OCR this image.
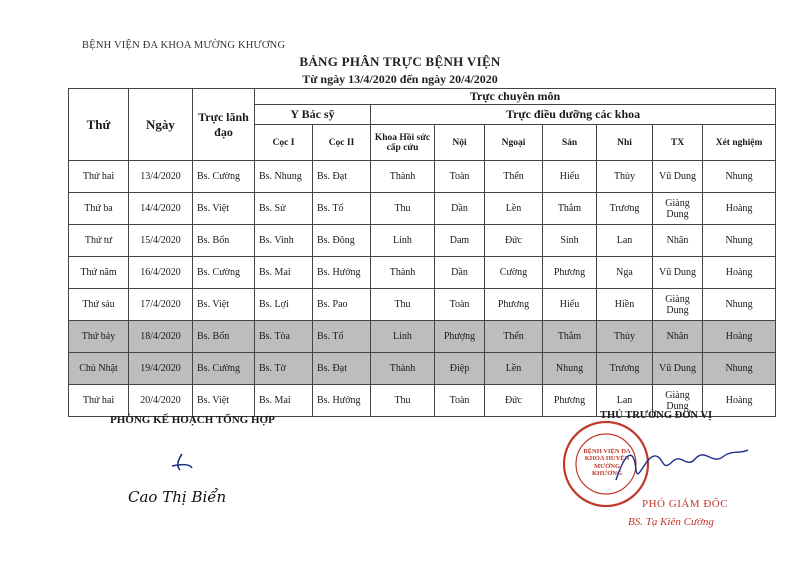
BỆNH VIỆN ĐA KHOA MƯỜNG KHƯƠNG
BẢNG PHÂN TRỰC BỆNH VIỆN
Từ ngày 13/4/2020 đến ngày 20/4/2020
Thứ	Ngày	Trực lãnh đạo	Trực chuyên môn								
			Y Bác sỹ		Trực điều dưỡng các khoa						
			Cọc I	Cọc II	Khoa Hồi sức cấp cứu	Nội	Ngoại	Sản	Nhi	TX	Xét nghiệm
Thứ hai	13/4/2020	Bs. Cường	Bs. Nhung	Bs. Đạt	Thành	Toàn	Thển	Hiếu	Thủy	Vũ Dung	Nhung
Thứ ba	14/4/2020	Bs. Việt	Bs. Sử	Bs. Tố	Thu	Dần	Lền	Thắm	Trương	Giàng Dung	Hoàng
Thứ tư	15/4/2020	Bs. Bổn	Bs. Vinh	Bs. Đông	Linh	Dam	Đức	Sinh	Lan	Nhân	Nhung
Thứ năm	16/4/2020	Bs. Cường	Bs. Mai	Bs. Hưởng	Thành	Dần	Cường	Phương	Nga	Vũ Dung	Hoàng
Thứ sáu	17/4/2020	Bs. Việt	Bs. Lợi	Bs. Pao	Thu	Toàn	Phương	Hiếu	Hiền	Giàng Dung	Nhung
Thứ bảy	18/4/2020	Bs. Bổn	Bs. Tòa	Bs. Tố	Linh	Phượng	Thển	Thắm	Thủy	Nhân	Hoàng
Chủ Nhật	19/4/2020	Bs. Cường	Bs. Tờ	Bs. Đạt	Thành	Điệp	Lền	Nhung	Trương	Vũ Dung	Nhung
Thứ hai	20/4/2020	Bs. Việt	Bs. Mai	Bs. Hưởng	Thu	Toàn	Đức	Phương	Lan	Giàng Dung	Hoàng
PHÒNG KẾ HOẠCH TỔNG HỢP
Cao Thị Biển
THỦ TRƯỞNG ĐƠN VỊ
BỆNH VIỆN ĐA KHOA HUYỆN MƯỜNG KHƯƠNG
PHÓ GIÁM ĐỐC
BS. Tạ Kiên Cường
